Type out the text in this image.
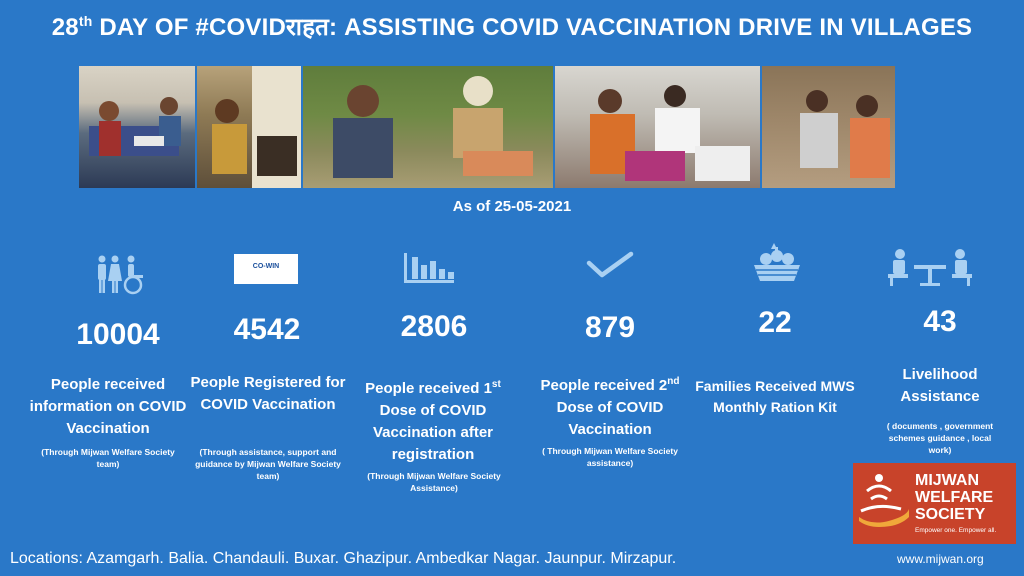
28th DAY OF #COVIDराहत: ASSISTING COVID VACCINATION DRIVE IN VILLAGES
As of 25-05-2021
10004
People received information on COVID Vaccination
(Through Mijwan Welfare Society team)
CO-WIN
4542
People Registered for COVID Vaccination
(Through assistance, support and guidance by Mijwan Welfare Society team)
2806
People received 1st Dose of COVID Vaccination after registration
(Through Mijwan Welfare Society Assistance)
879
People received 2nd Dose of COVID Vaccination
( Through Mijwan Welfare Society assistance)
22
Families Received MWS Monthly Ration Kit
43
Livelihood Assistance
( documents , government schemes guidance , local work)
MIJWAN
WELFARE
SOCIETY
Empower one. Empower all.
Locations: Azamgarh. Balia. Chandauli. Buxar. Ghazipur. Ambedkar Nagar. Jaunpur. Mirzapur.	www.mijwan.org
